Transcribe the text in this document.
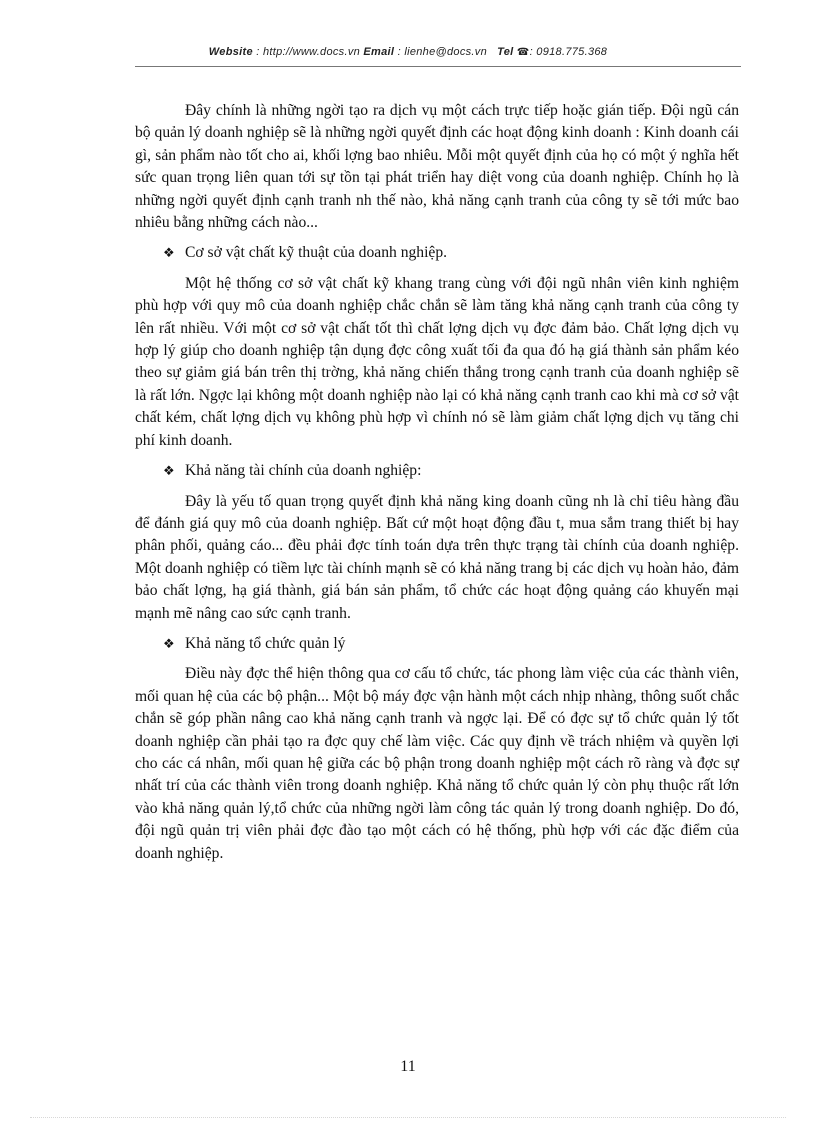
Website : http://www.docs.vn Email : lienhe@docs.vn Tel ☎: 0918.775.368

Đây chính là những ngời tạo ra dịch vụ một cách trực tiếp hoặc gián tiếp. Đội ngũ cán bộ quản lý doanh nghiệp sẽ là những ngời quyết định các hoạt động kinh doanh : Kinh doanh cái gì, sản phẩm nào tốt cho ai, khối lợng bao nhiêu. Mỗi một quyết định của họ có một ý nghĩa hết sức quan trọng liên quan tới sự tồn tại phát triển hay diệt vong của doanh nghiệp. Chính họ là những ngời quyết định cạnh tranh nh thế nào, khả năng cạnh tranh của công ty sẽ tới mức bao nhiêu bằng những cách nào...

❖ Cơ sở vật chất kỹ thuật của doanh nghiệp.

Một hệ thống cơ sở vật chất kỹ khang trang cùng với đội ngũ nhân viên kinh nghiệm phù hợp với quy mô của doanh nghiệp chắc chắn sẽ làm tăng khả năng cạnh tranh của công ty lên rất nhiều. Với một cơ sở vật chất tốt thì chất lợng dịch vụ đợc đảm bảo. Chất lợng dịch vụ hợp lý giúp cho doanh nghiệp tận dụng đợc công xuất tối đa qua đó hạ giá thành sản phẩm kéo theo sự giảm giá bán trên thị trờng, khả năng chiến thắng trong cạnh tranh của doanh nghiệp sẽ là rất lớn. Ngợc lại không một doanh nghiệp nào lại có khả năng cạnh tranh cao khi mà cơ sở vật chất kém, chất lợng dịch vụ không phù hợp vì chính nó sẽ làm giảm chất lợng dịch vụ tăng chi phí kinh doanh.

❖ Khả năng tài chính của doanh nghiệp:

Đây là yếu tố quan trọng quyết định khả năng king doanh cũng nh là chỉ tiêu hàng đầu để đánh giá quy mô của doanh nghiệp. Bất cứ một hoạt động đầu t, mua sắm trang thiết bị hay phân phối, quảng cáo... đều phải đợc tính toán dựa trên thực trạng tài chính của doanh nghiệp. Một doanh nghiệp có tiềm lực tài chính mạnh sẽ có khả năng trang bị các dịch vụ hoàn hảo, đảm bảo chất lợng, hạ giá thành, giá bán sản phẩm, tổ chức các hoạt động quảng cáo khuyến mại mạnh mẽ nâng cao sức cạnh tranh.

❖ Khả năng tổ chức quản lý

Điều này đợc thể hiện thông qua cơ cấu tổ chức, tác phong làm việc của các thành viên, mối quan hệ của các bộ phận... Một bộ máy đợc vận hành một cách nhịp nhàng, thông suốt chắc chắn sẽ góp phần nâng cao khả năng cạnh tranh và ngợc lại. Để có đợc sự tổ chức quản lý tốt doanh nghiệp cần phải tạo ra đợc quy chế làm việc. Các quy định về trách nhiệm và quyền lợi cho các cá nhân, mối quan hệ giữa các bộ phận trong doanh nghiệp một cách rõ ràng và đợc sự nhất trí của các thành viên trong doanh nghiệp. Khả năng tổ chức quản lý còn phụ thuộc rất lớn vào khả năng quản lý,tổ chức của những ngời làm công tác quản lý trong doanh nghiệp. Do đó, đội ngũ quản trị viên phải đợc đào tạo một cách có hệ thống, phù hợp với các đặc điểm của doanh nghiệp.

11
